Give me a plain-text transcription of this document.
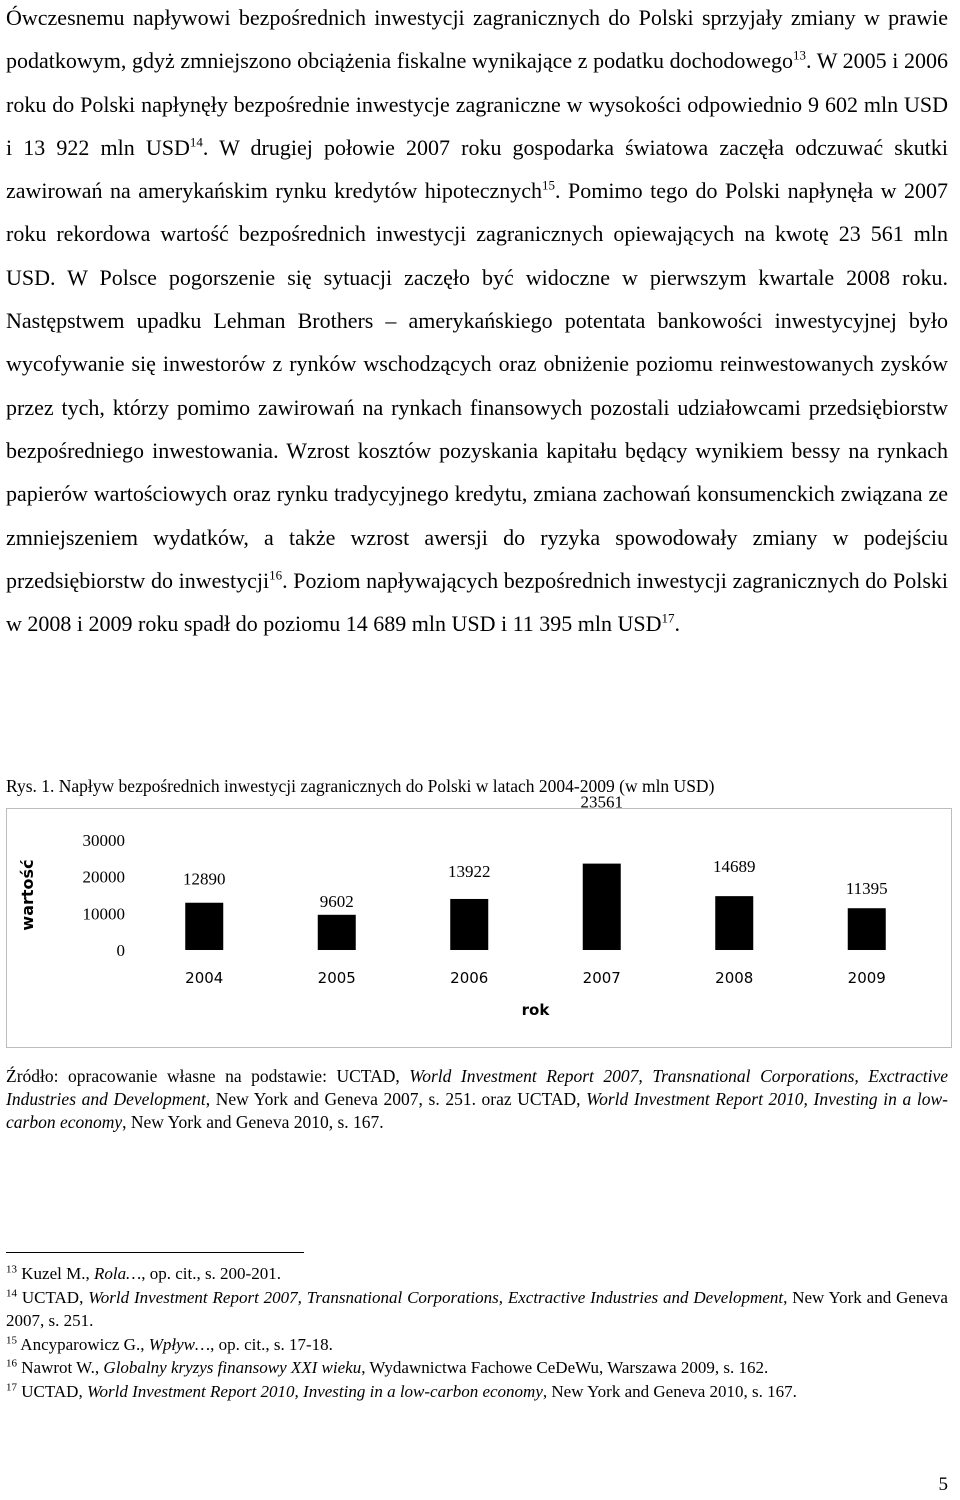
Ówczesnemu napływowi bezpośrednich inwestycji zagranicznych do Polski sprzyjały zmiany w prawie podatkowym, gdyż zmniejszono obciążenia fiskalne wynikające z podatku dochodowego$^{13}$. W 2005 i 2006 roku do Polski napłynęły bezpośrednie inwestycje zagraniczne w wysokości odpowiednio 9 602 mln USD i 13 922 mln USD$^{14}$. W drugiej połowie 2007 roku gospodarka światowa zaczęła odczuwać skutki zawirowań na amerykańskim rynku kredytów hipotecznych$^{15}$. Pomimo tego do Polski napłynęła w 2007 roku rekordowa wartość bezpośrednich inwestycji zagranicznych opiewających na kwotę 23 561 mln USD. W Polsce pogorszenie się sytuacji zaczęło być widoczne w pierwszym kwartale 2008 roku. Następstwem upadku Lehman Brothers – amerykańskiego potentata bankowości inwestycyjnej było wycofywanie się inwestorów z rynków wschodzących oraz obniżenie poziomu reinwestowanych zysków przez tych, którzy pomimo zawirowań na rynkach finansowych pozostali udziałowcami przedsiębiorstw bezpośredniego inwestowania. Wzrost kosztów pozyskania kapitału będący wynikiem bessy na rynkach papierów wartościowych oraz rynku tradycyjnego kredytu, zmiana zachowań konsumenckich związana ze zmniejszeniem wydatków, a także wzrost awersji do ryzyka spowodowały zmiany w podejściu przedsiębiorstw do inwestycji$^{16}$. Poziom napływających bezpośrednich inwestycji zagranicznych do Polski w 2008 i 2009 roku spadł do poziomu 14 689 mln USD i 11 395 mln USD$^{17}$.

Rys. 1. Napływ bezpośrednich inwestycji zagranicznych do Polski w latach 2004-2009 (w mln USD)

wartość
0
10000
20000
30000
12890
2004
9602
2005
13922
2006
23561
2007
14689
2008
11395
2009
rok

Źródło: opracowanie własne na podstawie: UCTAD, World Investment Report 2007, Transnational Corporations, Exctractive Industries and Development, New York and Geneva 2007, s. 251. oraz UCTAD, World Investment Report 2010, Investing in a low-carbon economy, New York and Geneva 2010, s. 167.

$^{13}$ Kuzel M., Rola…, op. cit., s. 200-201.

$^{14}$ UCTAD, World Investment Report 2007, Transnational Corporations, Exctractive Industries and Development, New York and Geneva 2007, s. 251.

$^{15}$ Ancyparowicz G., Wpływ…, op. cit., s. 17-18.

$^{16}$ Nawrot W., Globalny kryzys finansowy XXI wieku, Wydawnictwa Fachowe CeDeWu, Warszawa 2009, s. 162.

$^{17}$ UCTAD, World Investment Report 2010, Investing in a low-carbon economy, New York and Geneva 2010, s. 167.

5
